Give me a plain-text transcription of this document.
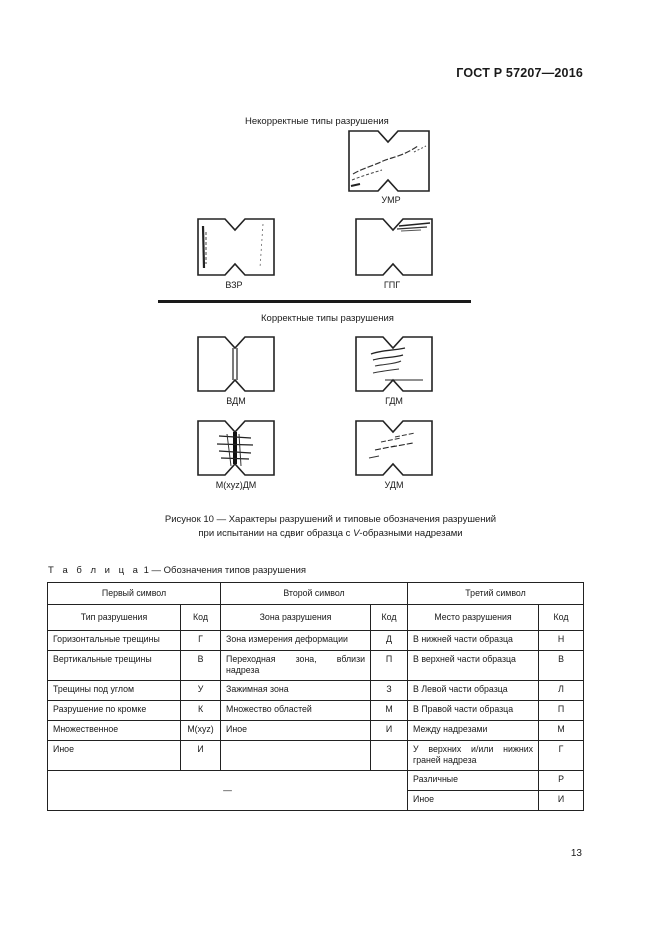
ГОСТ Р 57207—2016
Некорректные типы разрушения
УМР
ВЗР	ГПГ
Корректные типы разрушения
ВДМ	ГДМ
М(xyz)ДМ	УДМ
Рисунок 10 — Характеры разрушений и типовые обозначения разрушений
при испытании на сдвиг образца с V-образными надрезами
Т а б л и ц а 1 — Обозначения типов разрушения
Первый символ		Второй символ		Третий символ	
Тип разрушения	Код	Зона разрушения	Код	Место разрушения	Код
Горизонтальные трещины	Г	Зона измерения деформации	Д	В нижней части образца	Н
Вертикальные трещины	В	Переходная зона, вблизи надреза	П	В верхней части образца	В
Трещины под углом	У	Зажимная зона	З	В Левой части образца	Л
Разрушение по кромке	К	Множество областей	М	В Правой части образца	П
Множественное	M(xyz)	Иное	И	Между надрезами	М
Иное	И			У верхних и/или нижних граней надреза	Г
—				Различные	Р
				Иное	И
13
